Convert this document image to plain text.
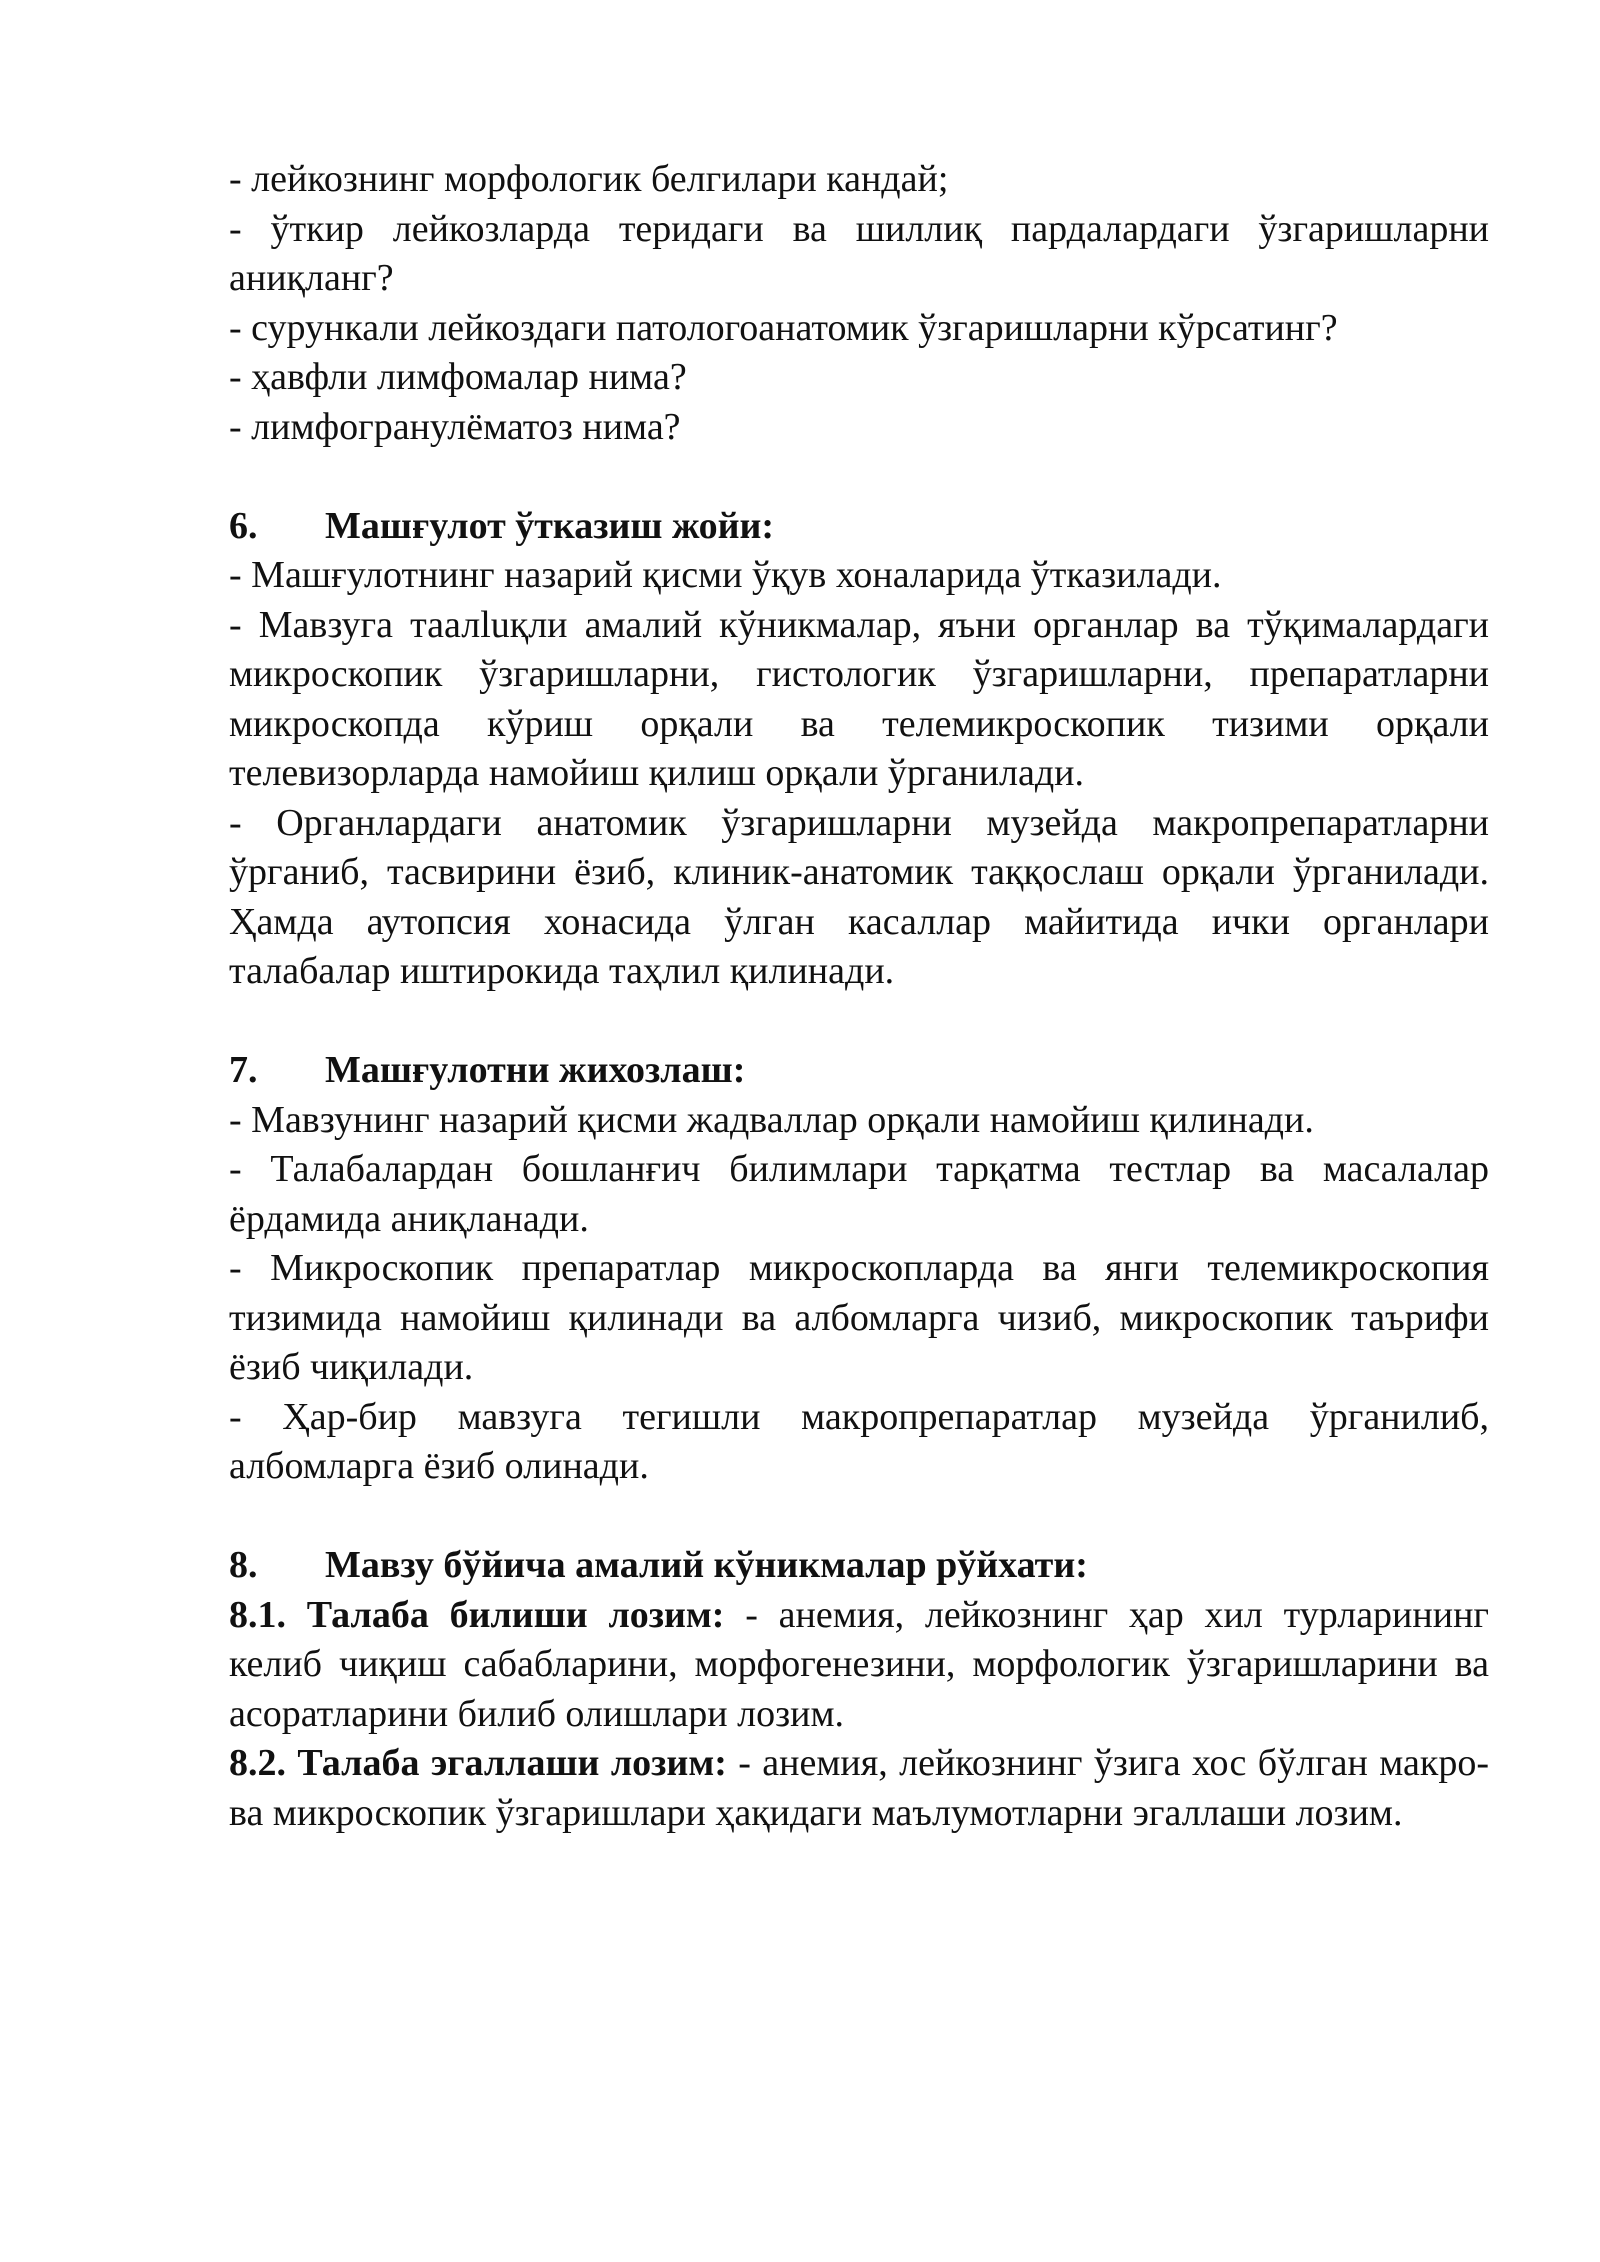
- лейкознинг морфологик белгилари кандай;

- ўткир лейкозларда теридаги ва шиллиқ пардалардаги ўзгаришларни аниқланг?

- сурункали лейкоздаги патологоанатомик ўзгаришларни кўрсатинг?

- ҳавфли лимфомалар нима?

- лимфогранулёматоз нима?

6.	Машғулот ўтказиш жойи:

- Машғулотнинг назарий қисми ўқув хоналарида ўтказилади.

- Мавзуга таалluқли амалий кўникмалар, яъни органлар ва тўқималардаги микроскопик ўзгаришларни, гистологик ўзгаришларни, препаратларни микроскопда кўриш орқали ва телемикроскопик тизими орқали телевизорларда намойиш қилиш орқали ўрганилади.

- Органлардаги анатомик ўзгаришларни музейда макропрепаратларни ўрганиб, тасвирини ёзиб, клиник-анатомик таққослаш орқали ўрганилади. Ҳамда аутопсия хонасида ўлган касаллар майитида ички органлари талабалар иштирокида таҳлил қилинади.

7.	Машғулотни жихозлаш:

- Мавзунинг назарий қисми жадваллар орқали намойиш қилинади.

- Талабалардан бошланғич билимлари тарқатма тестлар ва масалалар ёрдамида аниқланади.

- Микроскопик препаратлар микроскопларда ва янги телемикроскопия тизимида намойиш қилинади ва албомларга чизиб, микроскопик таърифи ёзиб чиқилади.

- Ҳар-бир мавзуга тегишли макропрепаратлар музейда ўрганилиб, албомларга ёзиб олинади.

8.	Мавзу бўйича амалий кўникмалар рўйхати:

8.1. Талаба билиши лозим: - анемия, лейкознинг ҳар хил турларининг келиб чиқиш сабабларини, морфогенезини, морфологик ўзгаришларини ва асоратларини билиб олишлари лозим.

8.2. Талаба эгаллаши лозим: - анемия, лейкознинг ўзига хос бўлган макро- ва микроскопик ўзгаришлари ҳақидаги маълумотларни эгаллаши лозим.
